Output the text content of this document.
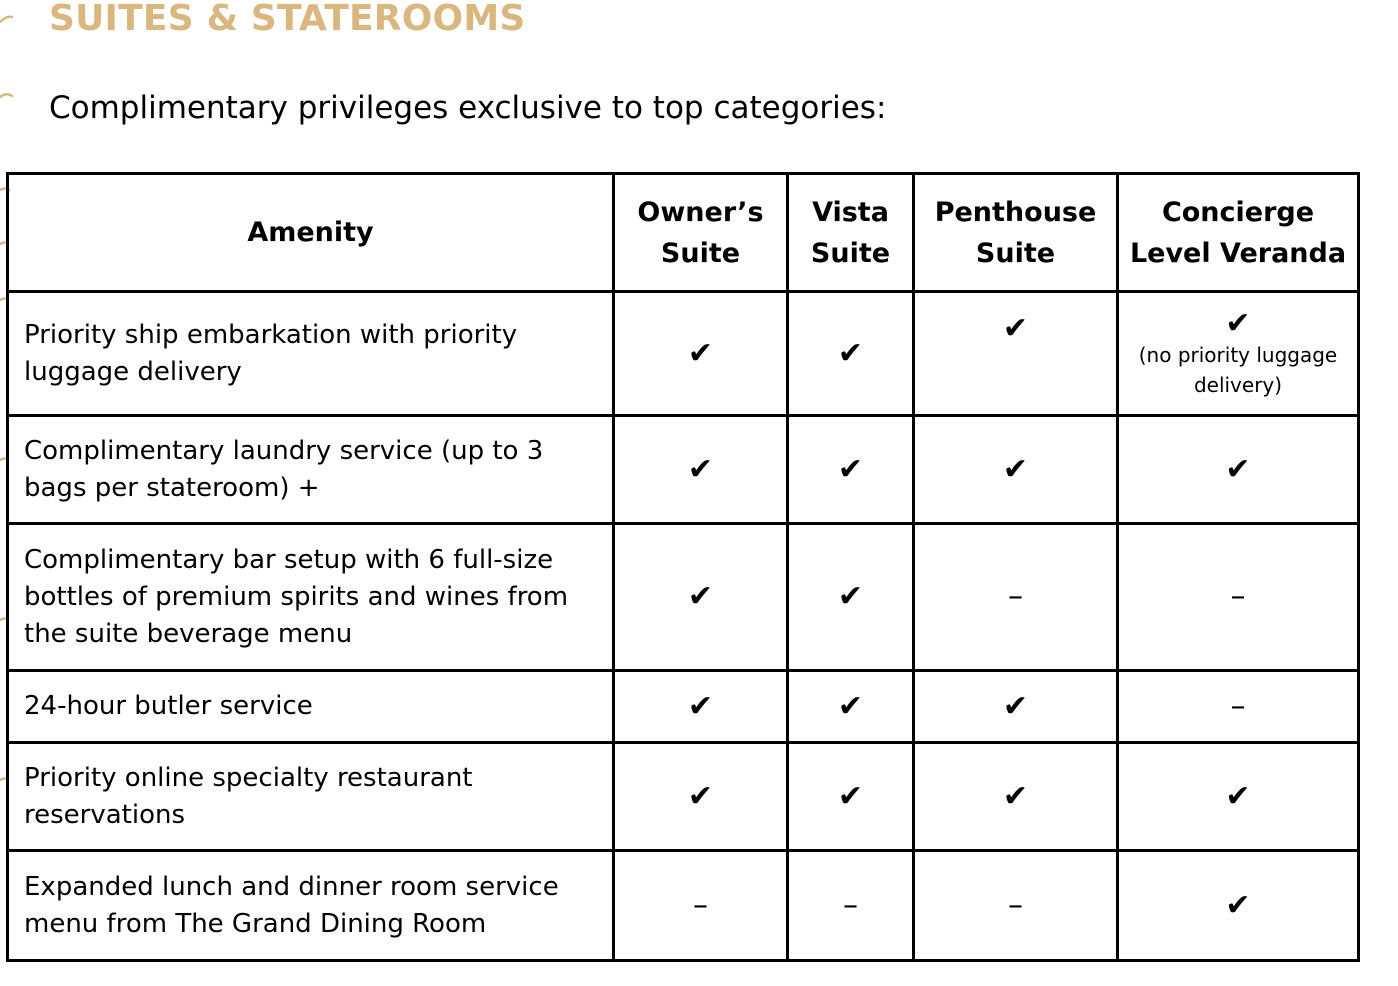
SUITES & STATEROOMS
Complimentary privileges exclusive to top categories:
Amenity	Owner’s Suite	Vista Suite	Penthouse Suite	Concierge Level Veranda
Priority ship embarkation with priority luggage delivery	✔	✔	✔	✔
(no priority luggage delivery)

Complimentary laundry service (up to 3 bags per stateroom) +	✔	✔	✔	✔

Complimentary bar setup with 6 full-size bottles of premium spirits and wines from the suite beverage menu	✔	✔	–	–

24-hour butler service	✔	✔	✔	–

Priority online specialty restaurant reservations	✔	✔	✔	✔

Expanded lunch and dinner room service menu from The Grand Dining Room	–	–	–	✔
